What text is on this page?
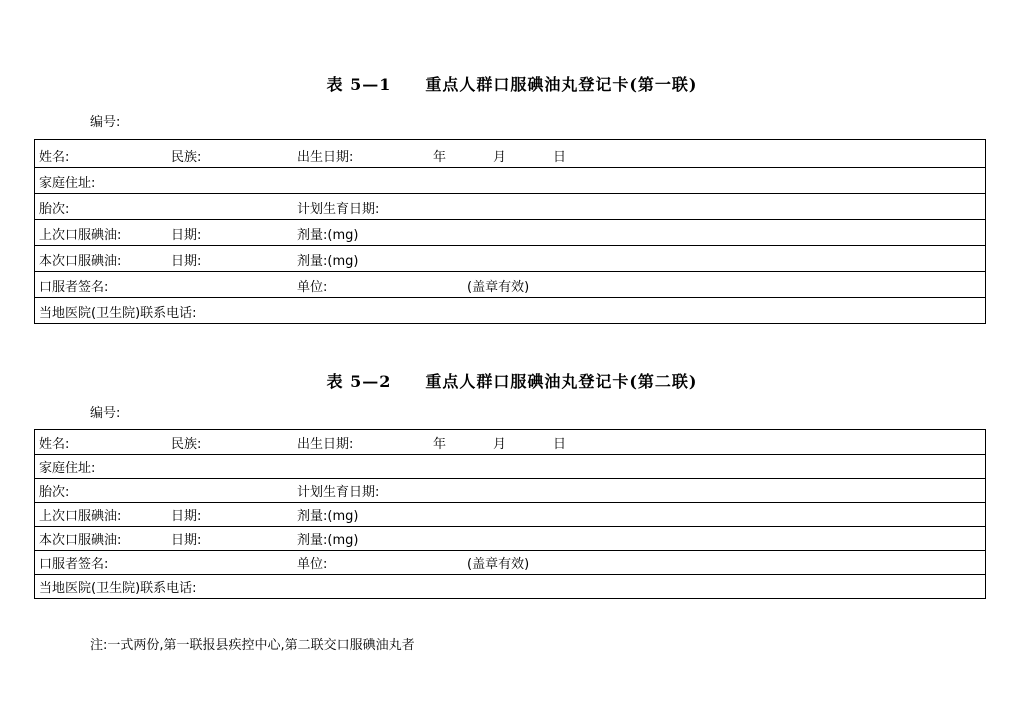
表 5—1　　重点人群口服碘油丸登记卡(第一联)
编号:
姓名:	民族:	出生日期:	年	月	日
家庭住址:
胎次:	计划生育日期:
上次口服碘油:	日期:	剂量:(mg)
本次口服碘油:	日期:	剂量:(mg)
口服者签名:	单位:	(盖章有效)
当地医院(卫生院)联系电话:
表 5—2　　重点人群口服碘油丸登记卡(第二联)
编号:
姓名:	民族:	出生日期:	年	月	日
家庭住址:
胎次:	计划生育日期:
上次口服碘油:	日期:	剂量:(mg)
本次口服碘油:	日期:	剂量:(mg)
口服者签名:	单位:	(盖章有效)
当地医院(卫生院)联系电话:
注:一式两份,第一联报县疾控中心,第二联交口服碘油丸者
